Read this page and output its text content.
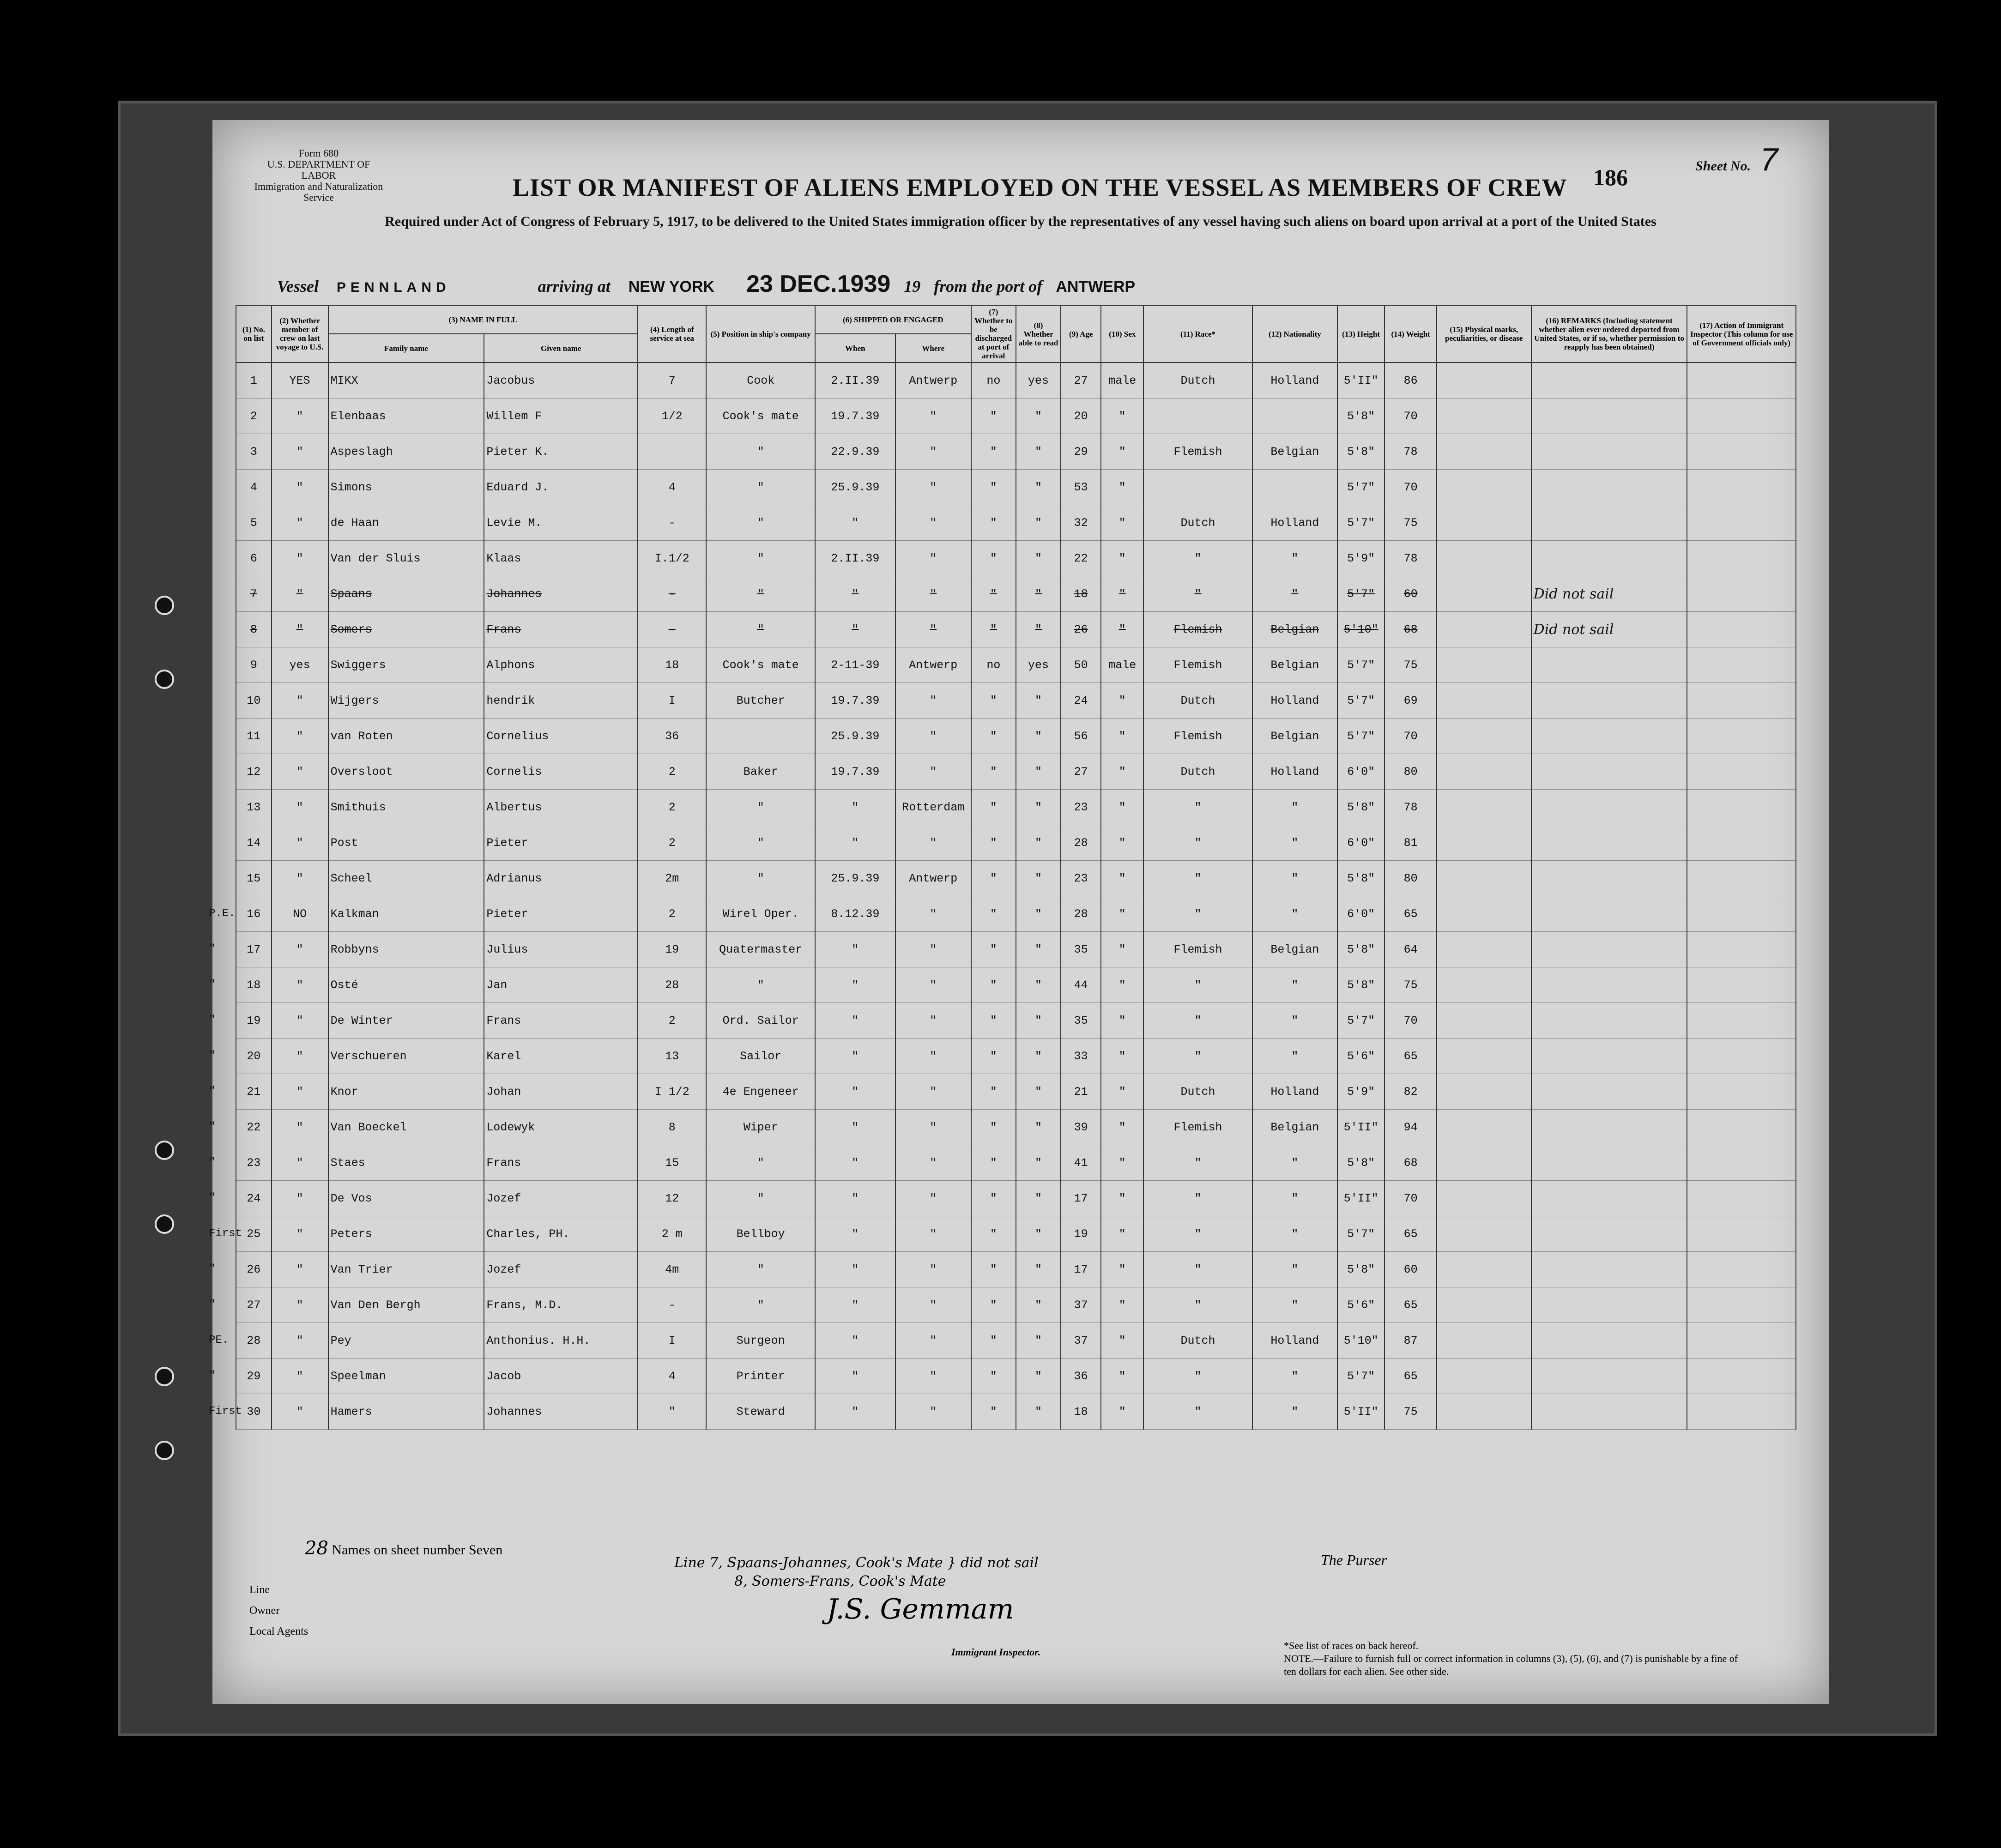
Form 680
U.S. DEPARTMENT OF LABOR
Immigration and Naturalization Service	LIST OR MANIFEST OF ALIENS EMPLOYED ON THE VESSEL AS MEMBERS OF CREW 186	Sheet No. 7
Required under Act of Congress of February 5, 1917, to be delivered to the United States immigration officer by the representatives of any vessel having such aliens on board upon arrival at a port of the United States
Vessel PENNLAND	arriving at NEW YORK 23 DEC.1939 19 from the port of ANTWERP
(1) No. on list	(2) Whether member of crew on last voyage to U.S.	(3) NAME IN FULL		(4) Length of service at sea	(5) Position in ship's company	(6) SHIPPED OR ENGAGED		(7) Whether to be discharged at port of arrival	(8) Whether able to read	(9) Age	(10) Sex	(11) Race*	(12) Nationality	(13) Height	(14) Weight	(15) Physical marks, peculiarities, or disease	(16) REMARKS (Including statement whether alien ever ordered deported from United States, or if so, whether permission to reapply has been obtained)	(17) Action of Immigrant Inspector (This column for use of Government officials only)
		Family name	Given name			When	Where											

1	YES	MIKX	Jacobus	7	Cook	2.II.39	Antwerp	no	yes	27	male	Dutch	Holland	5'II"	86			

2	"	Elenbaas	Willem F	1/2	Cook's mate	19.7.39	"	"	"	20	"			5'8"	70			

3	"	Aspeslagh	Pieter K.		"	22.9.39	"	"	"	29	"	Flemish	Belgian	5'8"	78			

4	"	Simons	Eduard J.	4	"	25.9.39	"	"	"	53	"			5'7"	70			

5	"	de Haan	Levie M.	-	"	"	"	"	"	32	"	Dutch	Holland	5'7"	75			

6	"	Van der Sluis	Klaas	I.1/2	"	2.II.39	"	"	"	22	"	"	"	5'9"	78			

7	"	Spaans	Johannes	-	"	"	"	"	"	18	"	"	"	5'7"	60		Did not sail	

8	"	Somers	Frans	-	"	"	"	"	"	26	"	Flemish	Belgian	5'10"	68		Did not sail	

9	yes	Swiggers	Alphons	18	Cook's mate	2-11-39	Antwerp	no	yes	50	male	Flemish	Belgian	5'7"	75			

10	"	Wijgers	hendrik	I	Butcher	19.7.39	"	"	"	24	"	Dutch	Holland	5'7"	69			

11	"	van Roten	Cornelius	36		25.9.39	"	"	"	56	"	Flemish	Belgian	5'7"	70			

12	"	Oversloot	Cornelis	2	Baker	19.7.39	"	"	"	27	"	Dutch	Holland	6'0"	80			

13	"	Smithuis	Albertus	2	"	"	Rotterdam	"	"	23	"	"	"	5'8"	78			

14	"	Post	Pieter	2	"	"	"	"	"	28	"	"	"	6'0"	81			

15	"	Scheel	Adrianus	2m	"	25.9.39	Antwerp	"	"	23	"	"	"	5'8"	80			

P.E. 16	NO	Kalkman	Pieter	2	Wirel Oper.	8.12.39	"	"	"	28	"	"	"	6'0"	65			

" 17	"	Robbyns	Julius	19	Quatermaster	"	"	"	"	35	"	Flemish	Belgian	5'8"	64			

" 18	"	Osté	Jan	28	"	"	"	"	"	44	"	"	"	5'8"	75			

" 19	"	De Winter	Frans	2	Ord. Sailor	"	"	"	"	35	"	"	"	5'7"	70			

" 20	"	Verschueren	Karel	13	Sailor	"	"	"	"	33	"	"	"	5'6"	65			

" 21	"	Knor	Johan	I 1/2	4e Engeneer	"	"	"	"	21	"	Dutch	Holland	5'9"	82			

" 22	"	Van Boeckel	Lodewyk	8	Wiper	"	"	"	"	39	"	Flemish	Belgian	5'II"	94			

" 23	"	Staes	Frans	15	"	"	"	"	"	41	"	"	"	5'8"	68			

" 24	"	De Vos	Jozef	12	"	"	"	"	"	17	"	"	"	5'II"	70			

First 25	"	Peters	Charles, PH.	2 m	Bellboy	"	"	"	"	19	"	"	"	5'7"	65			

" 26	"	Van Trier	Jozef	4m	"	"	"	"	"	17	"	"	"	5'8"	60			

" 27	"	Van Den Bergh	Frans, M.D.	-	"	"	"	"	"	37	"	"	"	5'6"	65			

PE. 28	"	Pey	Anthonius. H.H.	I	Surgeon	"	"	"	"	37	"	Dutch	Holland	5'10"	87			

" 29	"	Speelman	Jacob	4	Printer	"	"	"	"	36	"	"	"	5'7"	65			

First 30	"	Hamers	Johannes	"	Steward	"	"	"	"	18	"	"	"	5'II"	75			
28 Names on sheet number Seven
Line 7, Spaans-Johannes, Cook's Mate } did not sail
8, Somers-Frans, Cook's Mate
The Purser
J.S. Gemmam
Immigrant Inspector.
Line
Owner
Local Agents
*See list of races on back hereof.
NOTE.—Failure to furnish full or correct information in columns (3), (5), (6), and (7) is punishable by a fine of ten dollars for each alien. See other side.
